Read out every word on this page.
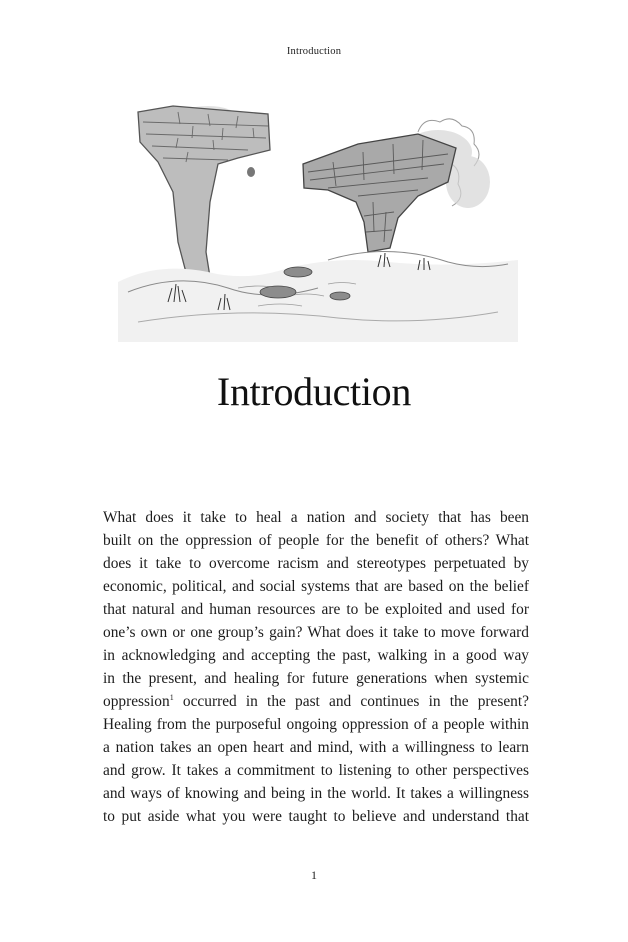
Introduction
Introduction
What does it take to heal a nation and society that has been
built on the oppression of people for the benefit of others? What
does it take to overcome racism and stereotypes perpetuated by
economic, political, and social systems that are based on the belief
that natural and human resources are to be exploited and used for
one’s own or one group’s gain? What does it take to move forward
in acknowledging and accepting the past, walking in a good way
in the present, and healing for future generations when systemic
oppression$^1$ occurred in the past and continues in the present?
Healing from the purposeful ongoing oppression of a people within
a nation takes an open heart and mind, with a willingness to learn
and grow. It takes a commitment to listening to other perspectives
and ways of knowing and being in the world. It takes a willingness
to put aside what you were taught to believe and understand that
1
